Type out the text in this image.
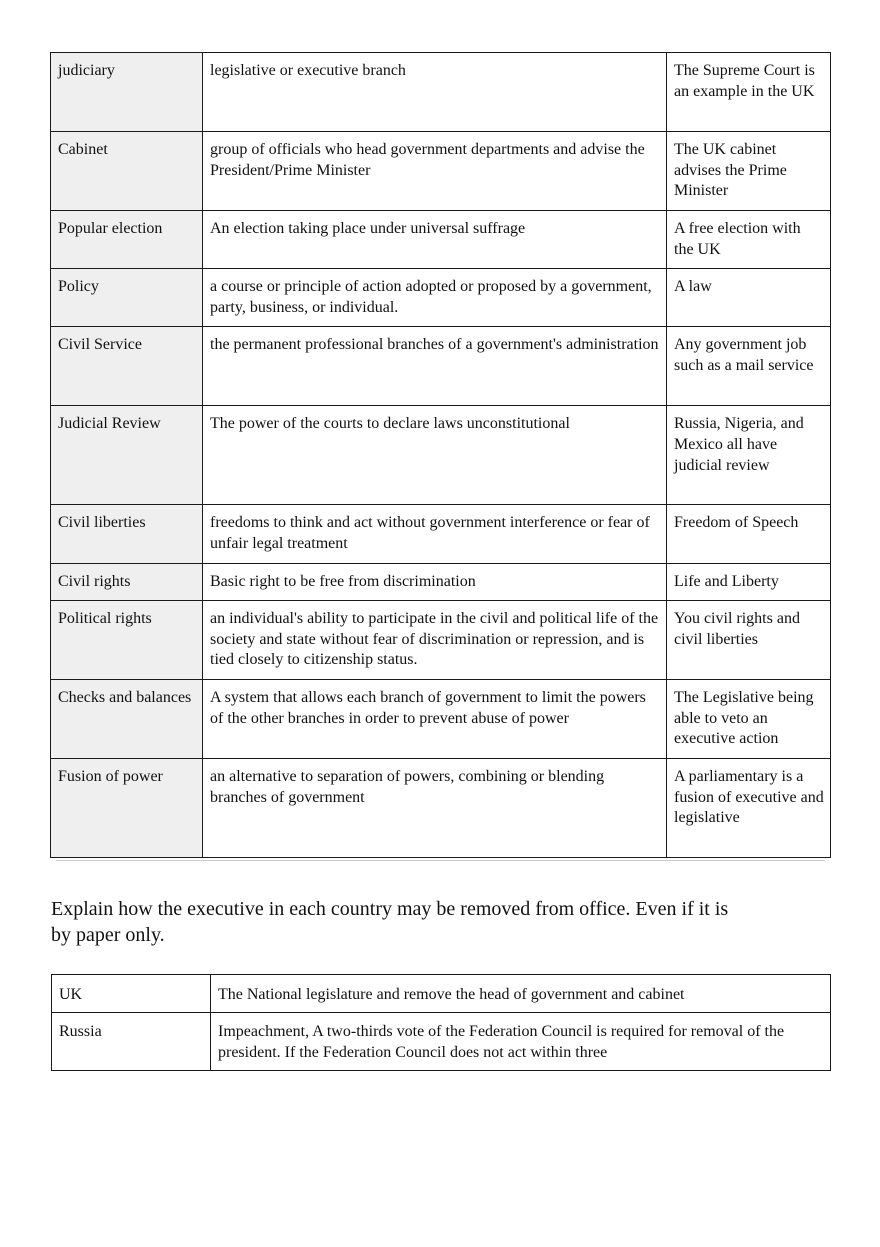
judiciary	legislative or executive branch	The Supreme Court is an example in the UK
Cabinet	group of officials who head government departments and advise the President/Prime Minister	The UK cabinet advises the Prime Minister
Popular election	An election taking place under universal suffrage	A free election with the UK
Policy	a course or principle of action adopted or proposed by a government, party, business, or individual.	A law
Civil Service	the permanent professional branches of a government's administration	Any government job such as a mail service
Judicial Review	The power of the courts to declare laws unconstitutional	Russia, Nigeria, and Mexico all have judicial review
Civil liberties	freedoms to think and act without government interference or fear of unfair legal treatment	Freedom of Speech
Civil rights	Basic right to be free from discrimination	Life and Liberty
Political rights	an individual's ability to participate in the civil and political life of the society and state without fear of discrimination or repression, and is tied closely to citizenship status.	You civil rights and civil liberties
Checks and balances	A system that allows each branch of government to limit the powers of the other branches in order to prevent abuse of power	The Legislative being able to veto an executive action
Fusion of power	an alternative to separation of powers, combining or blending branches of government	A parliamentary is a fusion of executive and legislative

Explain how the executive in each country may be removed from office. Even if it is by paper only.

UK	The National legislature and remove the head of government and cabinet
Russia	Impeachment, A two-thirds vote of the Federation Council is required for removal of the president. If the Federation Council does not act within three
